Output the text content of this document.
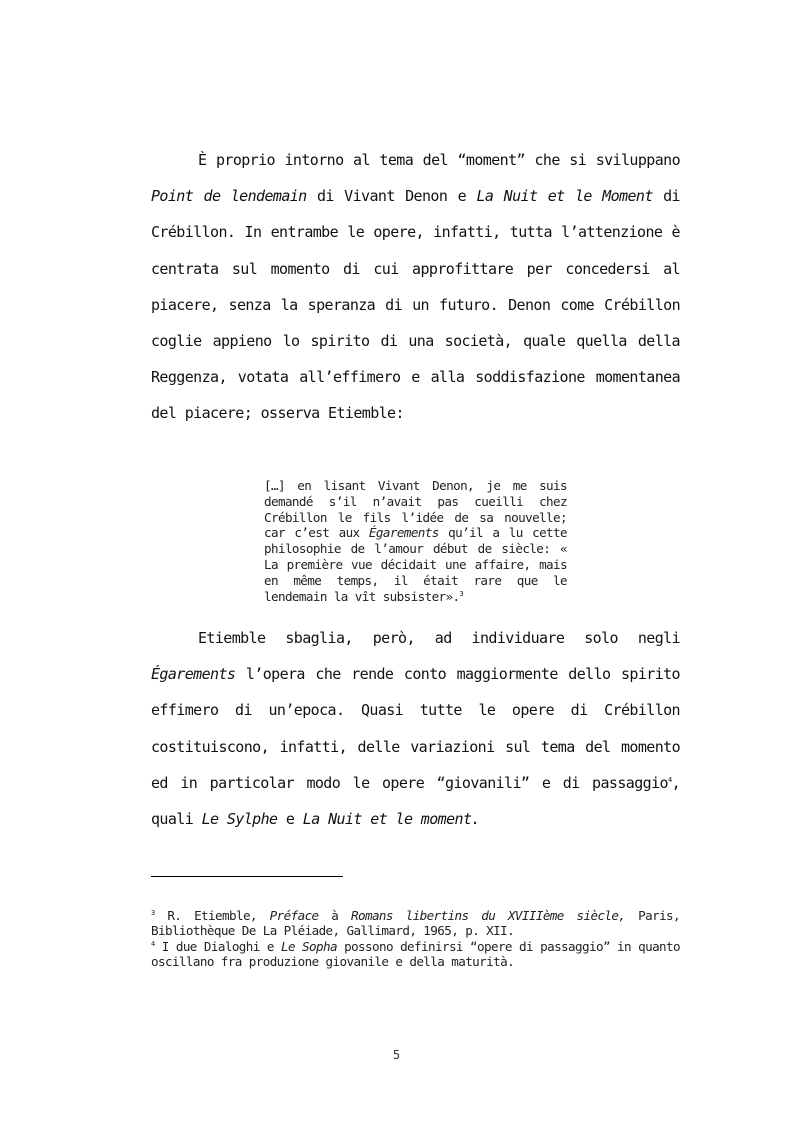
È proprio intorno al tema del “moment” che si sviluppano Point de lendemain di Vivant Denon e La Nuit et le Moment di Crébillon. In entrambe le opere, infatti, tutta l’attenzione è centrata sul momento di cui approfittare per concedersi al piacere, senza la speranza di un futuro. Denon come Crébillon coglie appieno lo spirito di una società, quale quella della Reggenza, votata all’effimero e alla soddisfazione momentanea del piacere; osserva Etiemble:

[…] en lisant Vivant Denon, je me suis demandé s’il n’avait pas cueilli chez Crébillon le fils l’idée de sa nouvelle; car c’est aux Égarements qu’il a lu cette philosophie de l’amour début de siècle: « La première vue décidait une affaire, mais en même temps, il était rare que le lendemain la vît subsister».$^3$

Etiemble sbaglia, però, ad individuare solo negli Égarements l’opera che rende conto maggiormente dello spirito effimero di un’epoca. Quasi tutte le opere di Crébillon costituiscono, infatti, delle variazioni sul tema del momento ed in particolar modo le opere “giovanili” e di passaggio$^4$, quali Le Sylphe e La Nuit et le moment.

$^3$ R. Etiemble, Préface à Romans libertins du XVIIIème siècle, Paris, Bibliothèque De La Pléiade, Gallimard, 1965, p. XII.

$^4$ I due Dialoghi e Le Sopha possono definirsi “opere di passaggio” in quanto oscillano fra produzione giovanile e della maturità.

5
